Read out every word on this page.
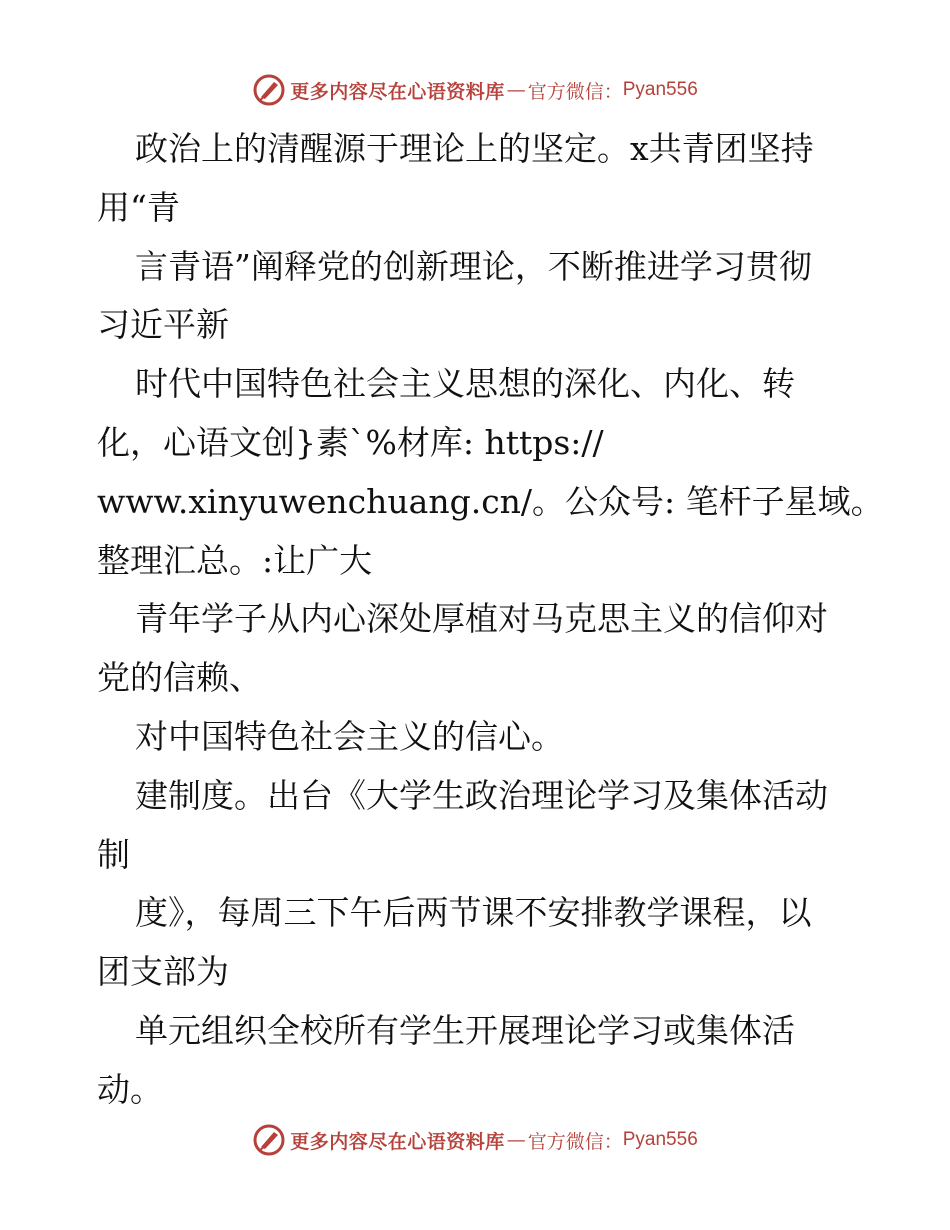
更多内容尽在心语资料库 — 官方微信： Pyan556
政治上的清醒源于理论上的坚定。x共青团坚持
用“青
言青语”阐释党的创新理论，不断推进学习贯彻
习近平新
时代中国特色社会主义思想的深化、内化、转
化，心语文创}素`%材库: https://
www.xinyuwenchuang.cn/。公众号: 笔杆子星域。
整理汇总。:让广大
青年学子从内心深处厚植对马克思主义的信仰对
党的信赖、
对中国特色社会主义的信心。
建制度。出台《大学生政治理论学习及集体活动
制
度》，每周三下午后两节课不安排教学课程，以
团支部为
单元组织全校所有学生开展理论学习或集体活
动。
更多内容尽在心语资料库 — 官方微信： Pyan556
